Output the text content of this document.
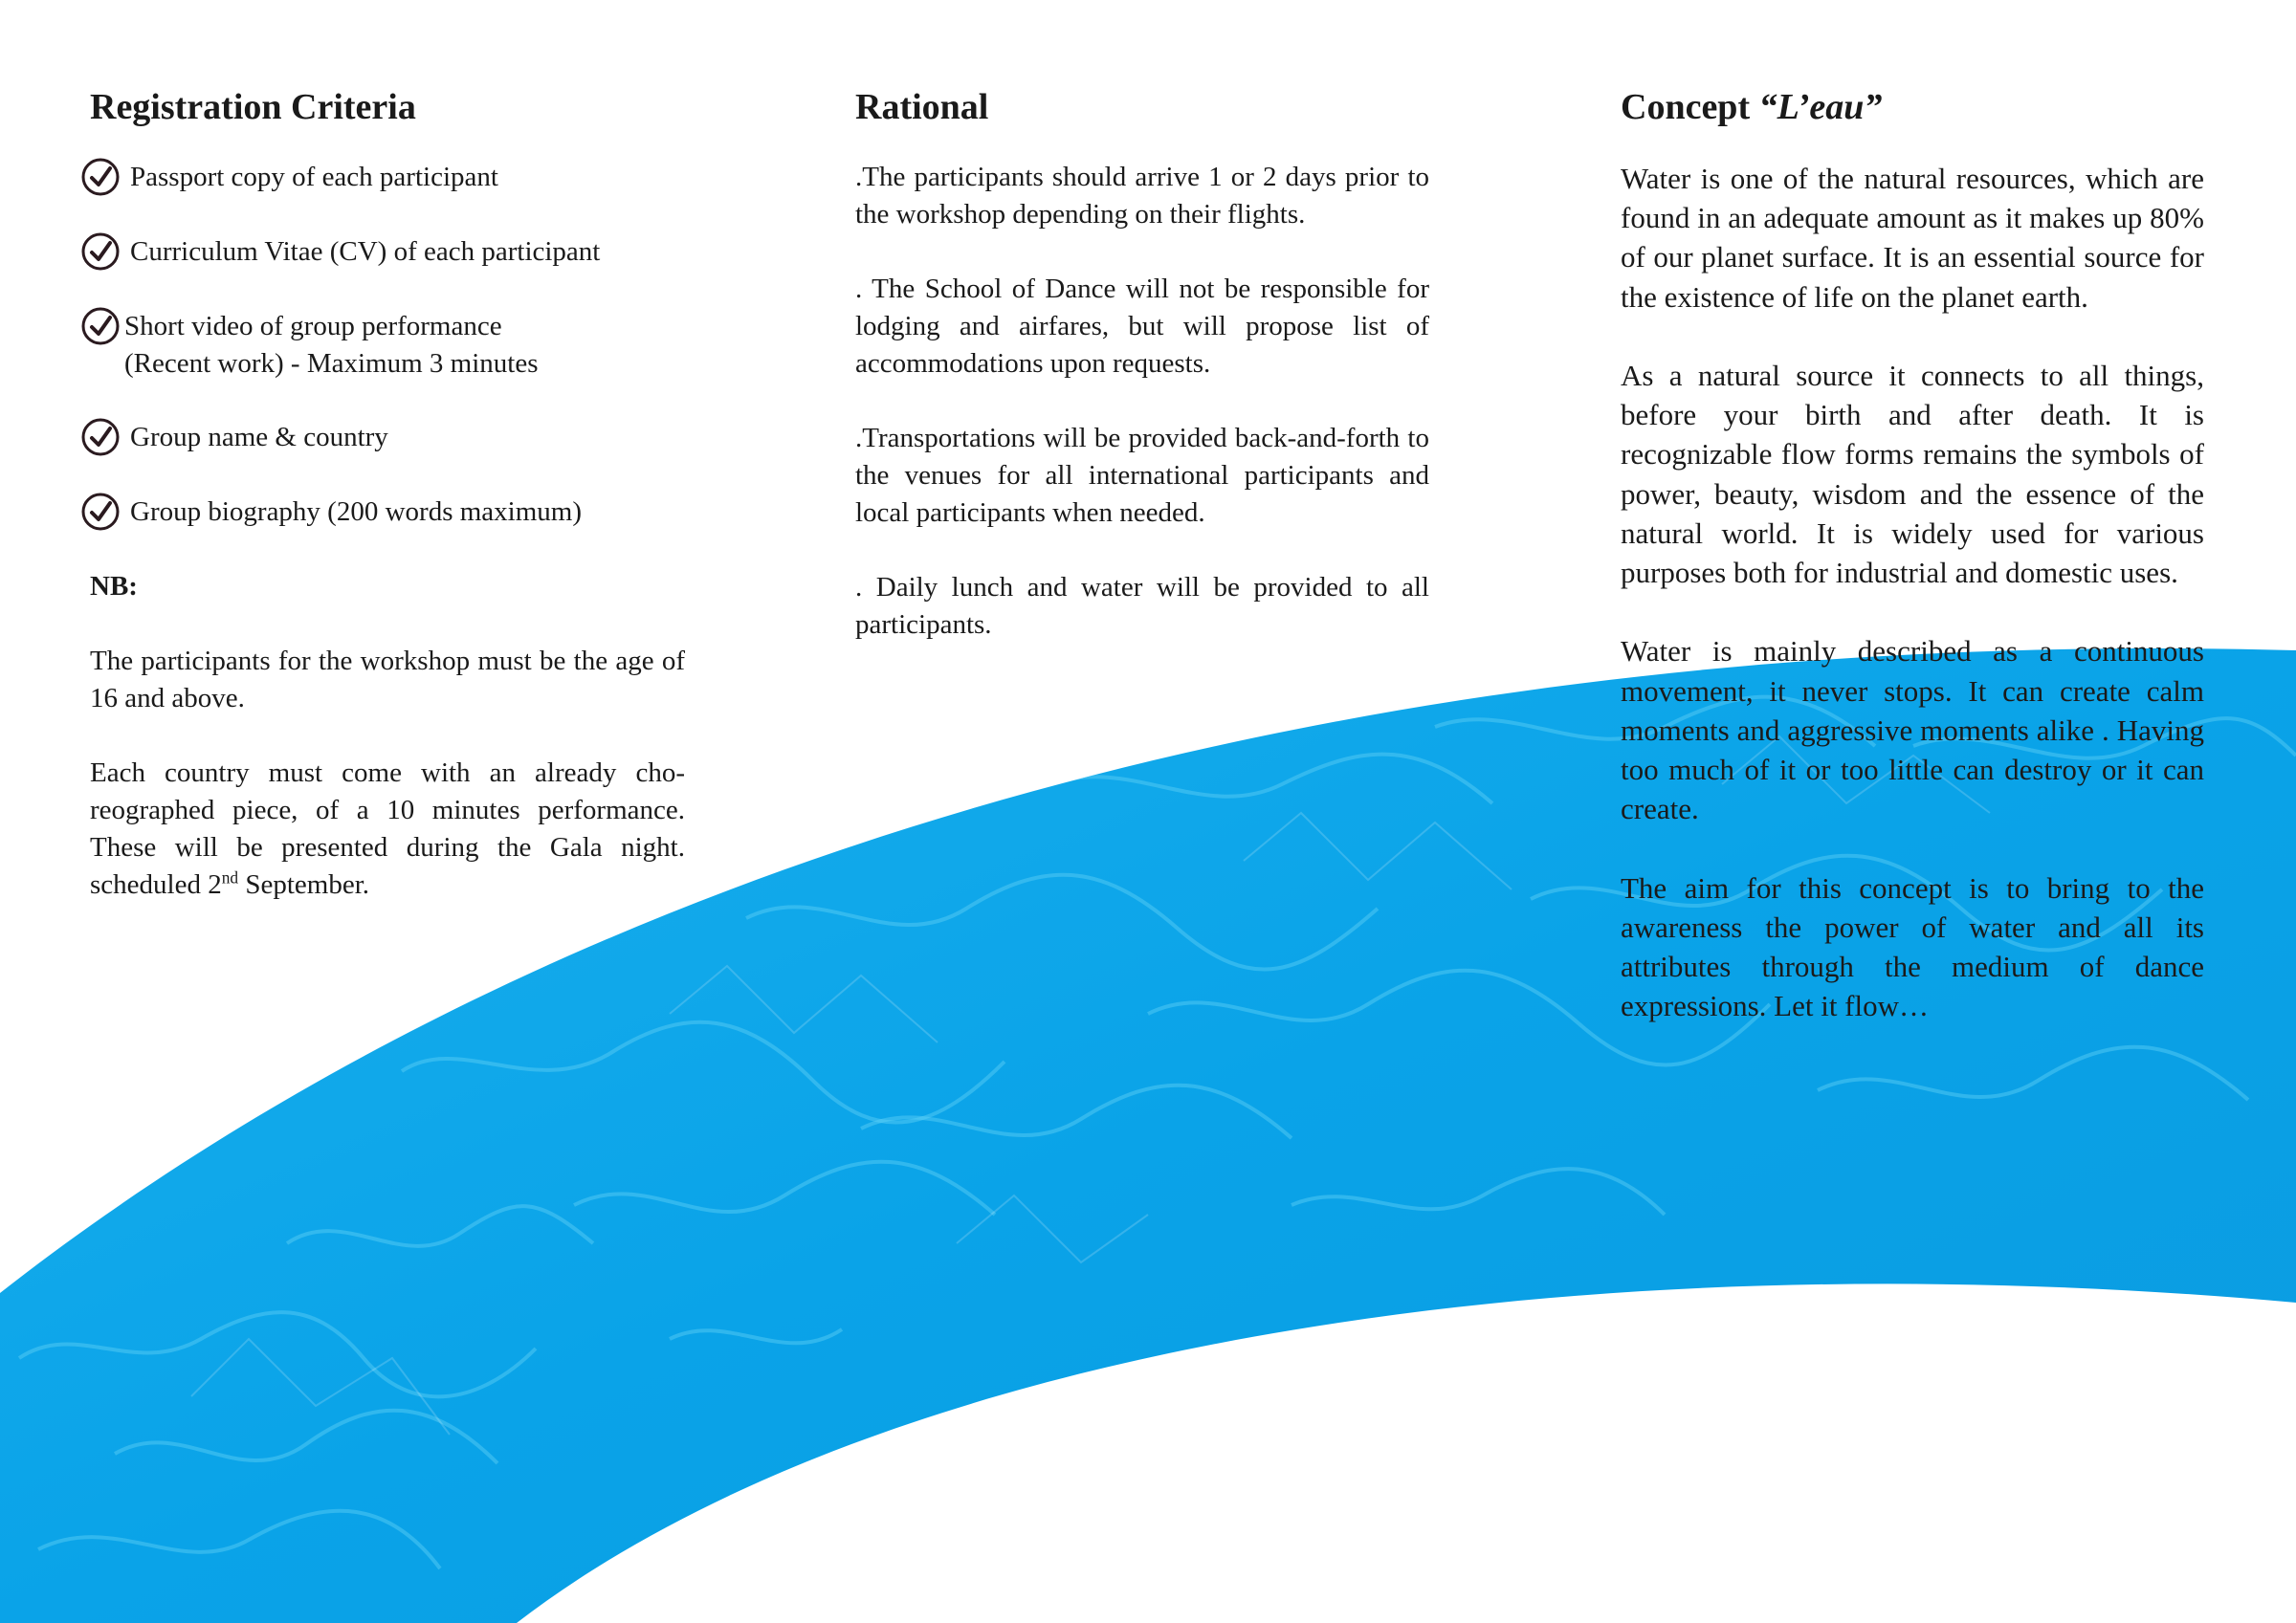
Registration Criteria
Passport copy of each participant
Curriculum Vitae (CV) of each participant
Short video of group performance
(Recent work) - Maximum 3 minutes
Group name & country
Group biography (200 words maximum)

NB:

The participants for the workshop must be the age of 16 and above.

Each country must come with an already choreographed piece, of a 10 minutes performance. These will be presented during the Gala night. scheduled 2nd September.

Rational

.The participants should arrive 1 or 2 days prior to the workshop depending on their flights.

. The School of Dance will not be responsible for lodging and airfares, but will propose list of accommodations upon requests.

.Transportations will be provided back-and-forth to the venues for all international participants and local participants when needed.

. Daily lunch and water will be provided to all participants.

Concept “L’eau”

Water is one of the natural resources, which are found in an adequate amount as it makes up 80% of our planet surface. It is an essential source for the existence of life on the planet earth.

As a natural source it connects to all things, before your birth and after death. It is recognizable flow forms remains the symbols of power, beauty, wisdom and the essence of the natural world. It is widely used for various purposes both for industrial and domestic uses.

Water is mainly described as a continuous movement, it never stops. It can create calm moments and aggressive moments alike . Having too much of it or too little can destroy or it can create.

The aim for this concept is to bring to the awareness the power of water and all its attributes through the medium of dance expressions. Let it flow…
